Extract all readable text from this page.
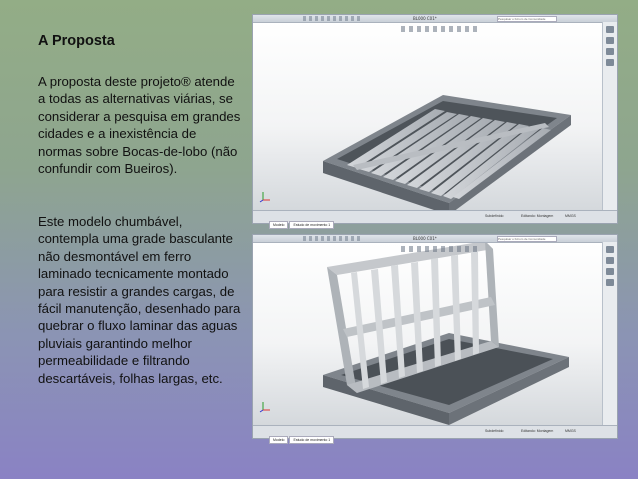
A Proposta

A proposta deste projeto® atende a todas as alternativas viárias, se considerar a pesquisa em grandes cidades e a inexistência de normas sobre Bocas-de-lobo (não confundir com Bueiros).

Este modelo chumbável, contempla uma grade basculante não desmontável em ferro laminado tecnicamente montado para resistir a grandes cargas, de fácil manutenção, desenhado para quebrar o fluxo laminar das aguas pluviais garantindo melhor permeabilidade e filtrando descartáveis, folhas largas, etc.

BL000 C01*	Pesquisar o Fórum de Comunidade
Modelo	Estudo de movimento 1
Subdefinido	Editando: Montagem	MMGS
BL000 C01*	Pesquisar o Fórum de Comunidade
Modelo	Estudo de movimento 1
Subdefinido	Editando: Montagem	MMGS
